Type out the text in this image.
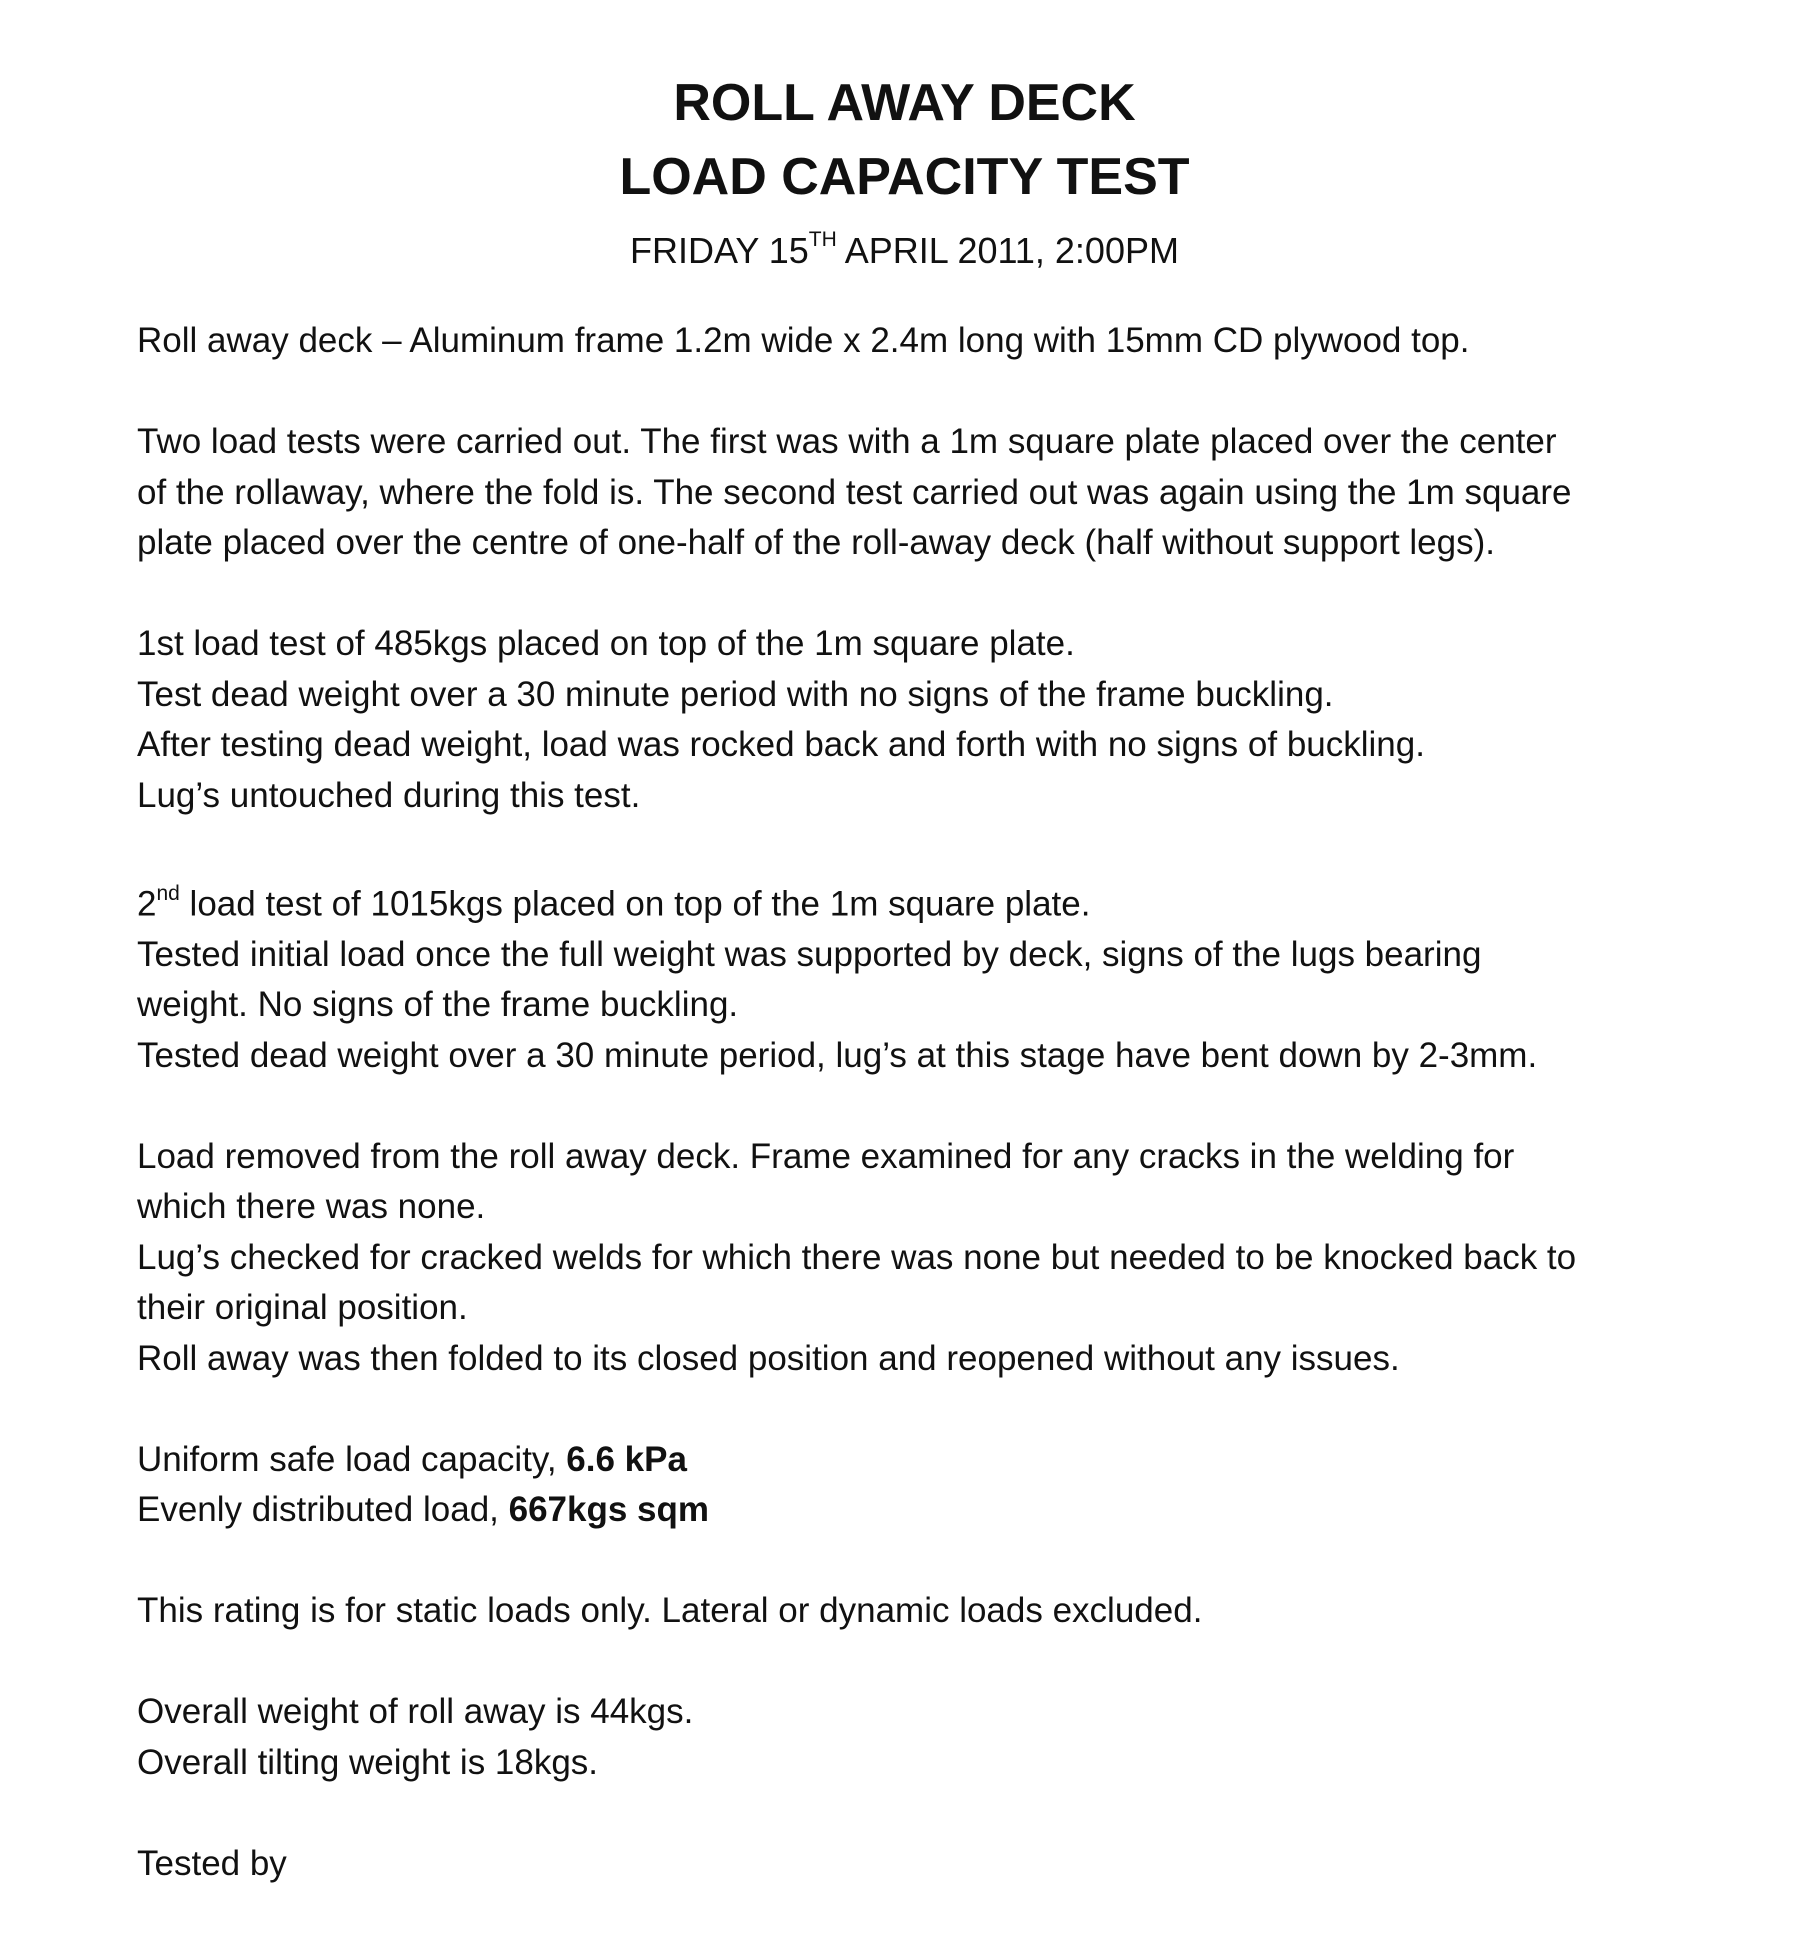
ROLL AWAY DECK
LOAD CAPACITY TEST
FRIDAY 15TH APRIL 2011, 2:00PM
Roll away deck – Aluminum frame 1.2m wide x 2.4m long with 15mm CD plywood top.
Two load tests were carried out. The first was with a 1m square plate placed over the center
of the rollaway, where the fold is. The second test carried out was again using the 1m square
plate placed over the centre of one-half of the roll-away deck (half without support legs).
1st load test of 485kgs placed on top of the 1m square plate.
Test dead weight over a 30 minute period with no signs of the frame buckling.
After testing dead weight, load was rocked back and forth with no signs of buckling.
Lug’s untouched during this test.
2nd load test of 1015kgs placed on top of the 1m square plate.
Tested initial load once the full weight was supported by deck, signs of the lugs bearing
weight. No signs of the frame buckling.
Tested dead weight over a 30 minute period, lug’s at this stage have bent down by 2-3mm.
Load removed from the roll away deck. Frame examined for any cracks in the welding for
which there was none.
Lug’s checked for cracked welds for which there was none but needed to be knocked back to
their original position.
Roll away was then folded to its closed position and reopened without any issues.
Uniform safe load capacity, 6.6 kPa
Evenly distributed load, 667kgs sqm
This rating is for static loads only. Lateral or dynamic loads excluded.
Overall weight of roll away is 44kgs.
Overall tilting weight is 18kgs.
Tested by
